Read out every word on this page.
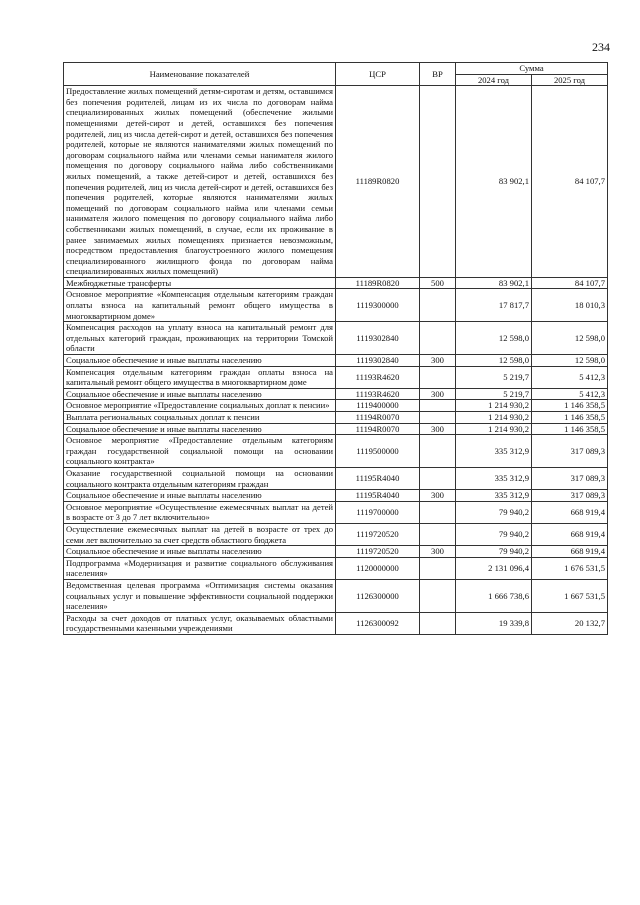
234
Наименование показателей	ЦСР	ВР	Сумма	
			2024 год	2025 год
Предоставление жилых помещений детям-сиротам и детям, оставшимся без попечения родителей, лицам из их числа по договорам найма специализированных жилых помещений (обеспечение жилыми помещениями детей-сирот и детей, оставшихся без попечения родителей, лиц из числа детей-сирот и детей, оставшихся без попечения родителей, которые не являются нанимателями жилых помещений по договорам социального найма или членами семьи нанимателя жилого помещения по договору социального найма либо собственниками жилых помещений, а также детей-сирот и детей, оставшихся без попечения родителей, лиц из числа детей-сирот и детей, оставшихся без попечения родителей, которые являются нанимателями жилых помещений по договорам социального найма или членами семьи нанимателя жилого помещения по договору социального найма либо собственниками жилых помещений, в случае, если их проживание в ранее занимаемых жилых помещениях признается невозможным, посредством предоставления благоустроенного жилого помещения специализированного жилищного фонда по договорам найма специализированных жилых помещений)	11189R0820		83 902,1	84 107,7
Межбюджетные трансферты	11189R0820	500	83 902,1	84 107,7
Основное мероприятие «Компенсация отдельным категориям граждан оплаты взноса на капитальный ремонт общего имущества в многоквартирном доме»	1119300000		17 817,7	18 010,3
Компенсация расходов на уплату взноса на капитальный ремонт для отдельных категорий граждан, проживающих на территории Томской области	1119302840		12 598,0	12 598,0
Социальное обеспечение и иные выплаты населению	1119302840	300	12 598,0	12 598,0
Компенсация отдельным категориям граждан оплаты взноса на капитальный ремонт общего имущества в многоквартирном доме	11193R4620		5 219,7	5 412,3
Социальное обеспечение и иные выплаты населению	11193R4620	300	5 219,7	5 412,3
Основное мероприятие «Предоставление социальных доплат к пенсии»	1119400000		1 214 930,2	1 146 358,5
Выплата региональных социальных доплат к пенсии	11194R0070		1 214 930,2	1 146 358,5
Социальное обеспечение и иные выплаты населению	11194R0070	300	1 214 930,2	1 146 358,5
Основное мероприятие «Предоставление отдельным категориям граждан государственной социальной помощи на основании социального контракта»	1119500000		335 312,9	317 089,3
Оказание государственной социальной помощи на основании социального контракта отдельным категориям граждан	11195R4040		335 312,9	317 089,3
Социальное обеспечение и иные выплаты населению	11195R4040	300	335 312,9	317 089,3
Основное мероприятие «Осуществление ежемесячных выплат на детей в возрасте от 3 до 7 лет включительно»	1119700000		79 940,2	668 919,4
Осуществление ежемесячных выплат на детей в возрасте от трех до семи лет включительно за счет средств областного бюджета	1119720520		79 940,2	668 919,4
Социальное обеспечение и иные выплаты населению	1119720520	300	79 940,2	668 919,4
Подпрограмма «Модернизация и развитие социального обслуживания населения»	1120000000		2 131 096,4	1 676 531,5
Ведомственная целевая программа «Оптимизация системы оказания социальных услуг и повышение эффективности социальной поддержки населения»	1126300000		1 666 738,6	1 667 531,5
Расходы за счет доходов от платных услуг, оказываемых областными государственными казенными учреждениями	1126300092		19 339,8	20 132,7
